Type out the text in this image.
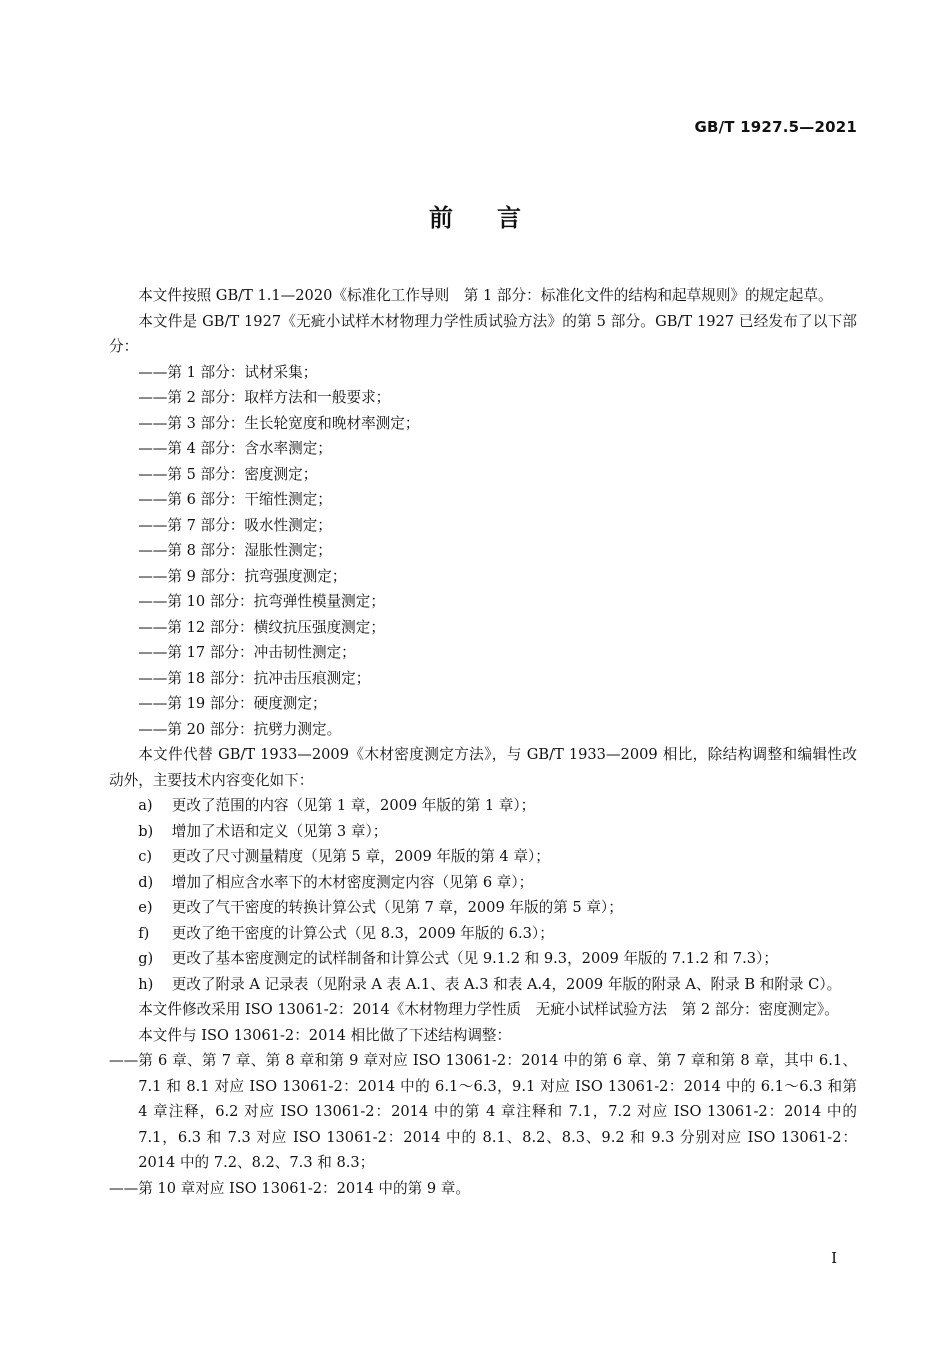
GB/T 1927.5—2021
前言

本文件按照 GB/T 1.1—2020《标准化工作导则　第 1 部分：标准化文件的结构和起草规则》的规定起草。

本文件是 GB/T 1927《无疵小试样木材物理力学性质试验方法》的第 5 部分。GB/T 1927 已经发布了以下部分：

——第 1 部分：试材采集；
——第 2 部分：取样方法和一般要求；
——第 3 部分：生长轮宽度和晚材率测定；
——第 4 部分：含水率测定；
——第 5 部分：密度测定；
——第 6 部分：干缩性测定；
——第 7 部分：吸水性测定；
——第 8 部分：湿胀性测定；
——第 9 部分：抗弯强度测定；
——第 10 部分：抗弯弹性模量测定；
——第 12 部分：横纹抗压强度测定；
——第 17 部分：冲击韧性测定；
——第 18 部分：抗冲击压痕测定；
——第 19 部分：硬度测定；
——第 20 部分：抗劈力测定。

本文件代替 GB/T 1933—2009《木材密度测定方法》，与 GB/T 1933—2009 相比，除结构调整和编辑性改动外，主要技术内容变化如下：

a)	更改了范围的内容（见第 1 章，2009 年版的第 1 章）；
b)	增加了术语和定义（见第 3 章）；
c)	更改了尺寸测量精度（见第 5 章，2009 年版的第 4 章）；
d)	增加了相应含水率下的木材密度测定内容（见第 6 章）；
e)	更改了气干密度的转换计算公式（见第 7 章，2009 年版的第 5 章）；
f)	更改了绝干密度的计算公式（见 8.3，2009 年版的 6.3）；
g)	更改了基本密度测定的试样制备和计算公式（见 9.1.2 和 9.3，2009 年版的 7.1.2 和 7.3）；
h)	更改了附录 A 记录表（见附录 A 表 A.1、表 A.3 和表 A.4，2009 年版的附录 A、附录 B 和附录 C）。

本文件修改采用 ISO 13061-2：2014《木材物理力学性质　无疵小试样试验方法　第 2 部分：密度测定》。

本文件与 ISO 13061-2：2014 相比做了下述结构调整：

—— 第 6 章、第 7 章、第 8 章和第 9 章对应 ISO 13061-2：2014 中的第 6 章、第 7 章和第 8 章，其中 6.1、7.1 和 8.1 对应 ISO 13061-2：2014 中的 6.1～6.3，9.1 对应 ISO 13061-2：2014 中的 6.1～6.3 和第 4 章注释，6.2 对应 ISO 13061-2：2014 中的第 4 章注释和 7.1，7.2 对应 ISO 13061-2：2014 中的 7.1，6.3 和 7.3 对应 ISO 13061-2：2014 中的 8.1、8.2、8.3、9.2 和 9.3 分别对应 ISO 13061-2：2014 中的 7.2、8.2、7.3 和 8.3；
—— 第 10 章对应 ISO 13061-2：2014 中的第 9 章。
I
